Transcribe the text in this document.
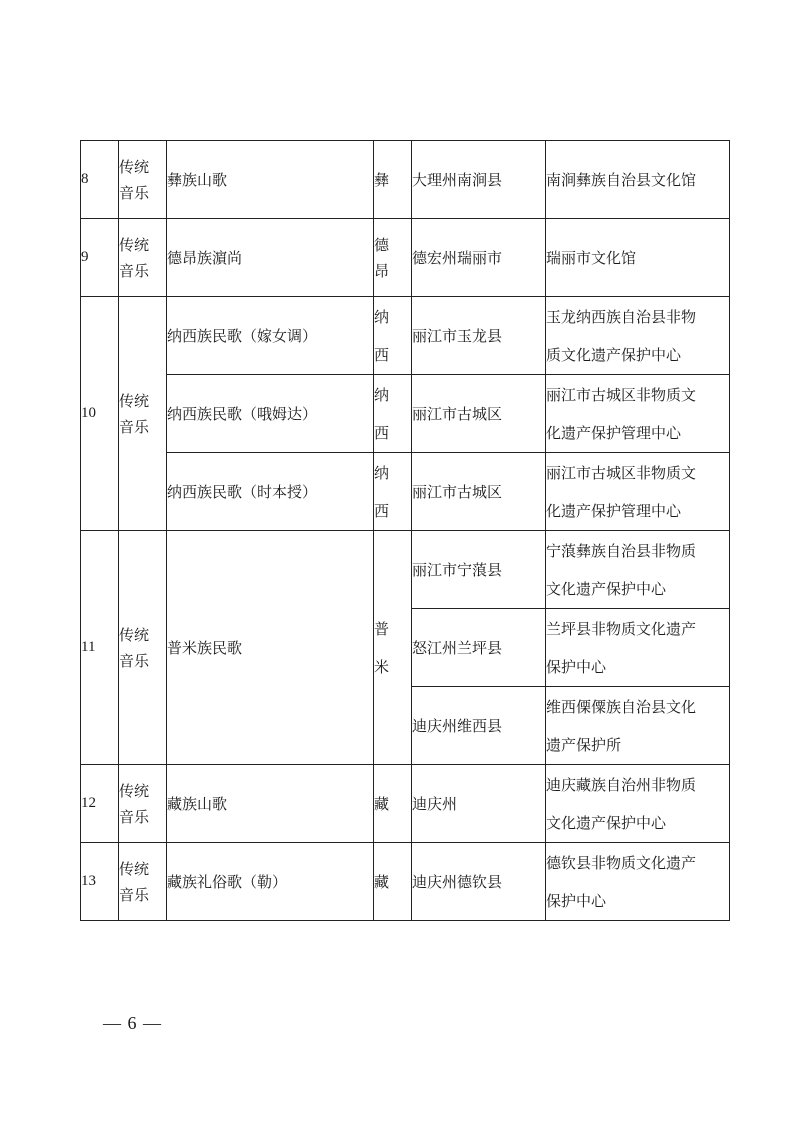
8	传统
音乐	彝族山歌	彝	大理州南涧县	南涧彝族自治县文化馆

9	传统
音乐	德昂族濵尚	德
昂	德宏州瑞丽市	瑞丽市文化馆

10	传统
音乐	纳西族民歌（嫁女调）	纳
西	丽江市玉龙县	玉龙纳西族自治县非物
质文化遗产保护中心

		纳西族民歌（哦姆达）	纳
西	丽江市古城区	丽江市古城区非物质文
化遗产保护管理中心

		纳西族民歌（时本授）	纳
西	丽江市古城区	丽江市古城区非物质文
化遗产保护管理中心

11	传统
音乐	普米族民歌	普
米	丽江市宁蒗县	宁蒗彝族自治县非物质
文化遗产保护中心

				怒江州兰坪县	兰坪县非物质文化遗产
保护中心

				迪庆州维西县	维西傈僳族自治县文化
遗产保护所

12	传统
音乐	藏族山歌	藏	迪庆州	迪庆藏族自治州非物质
文化遗产保护中心

13	传统
音乐	藏族礼俗歌（勒）	藏	迪庆州德钦县	德钦县非物质文化遗产
保护中心
— 6 —
